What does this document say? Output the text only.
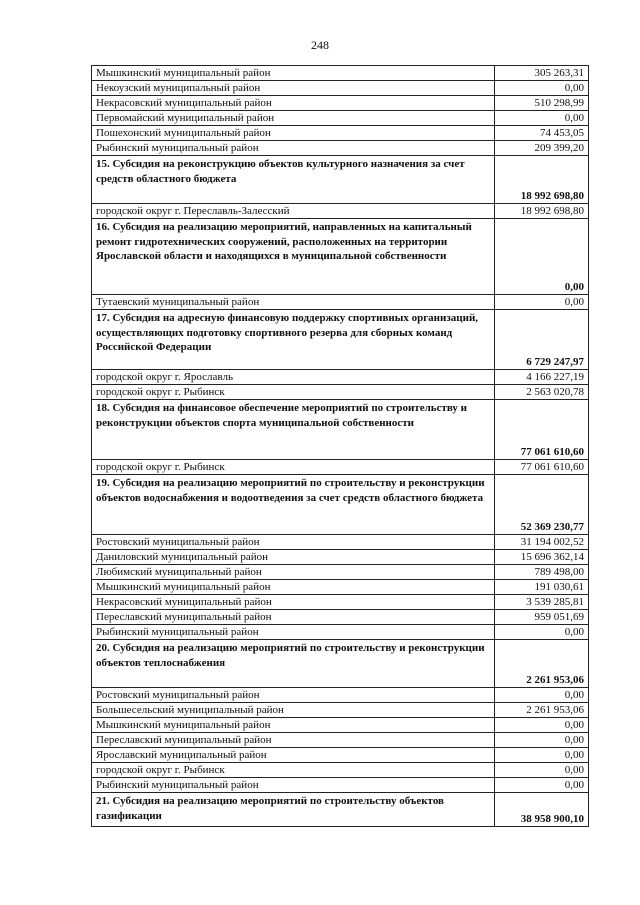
248
Мышкинский муниципальный район	305 263,31
Некоузский муниципальный район	0,00
Некрасовский муниципальный район	510 298,99
Первомайский муниципальный район	0,00
Пошехонский муниципальный район	74 453,05
Рыбинский муниципальный район	209 399,20
15. Субсидия на реконструкцию объектов культурного назначения за счет средств областного бюджета	18 992 698,80
городской округ г. Переславль-Залесский	18 992 698,80
16. Субсидия на реализацию мероприятий, направленных на капитальный ремонт гидротехнических сооружений, расположенных на территории Ярославской области и находящихся в муниципальной собственности	0,00
Тутаевский муниципальный район	0,00
17. Субсидия на адресную финансовую поддержку спортивных организаций, осуществляющих подготовку спортивного резерва для сборных команд Российской Федерации	6 729 247,97
городской округ г. Ярославль	4 166 227,19
городской округ г. Рыбинск	2 563 020,78
18. Субсидия на финансовое обеспечение мероприятий по строительству и реконструкции объектов спорта муниципальной собственности	77 061 610,60
городской округ г. Рыбинск	77 061 610,60
19. Субсидия на реализацию мероприятий по строительству и реконструкции объектов водоснабжения и водоотведения за счет средств областного бюджета	52 369 230,77
Ростовский муниципальный район	31 194 002,52
Даниловский муниципальный район	15 696 362,14
Любимский муниципальный район	789 498,00
Мышкинский муниципальный район	191 030,61
Некрасовский муниципальный район	3 539 285,81
Переславский муниципальный район	959 051,69
Рыбинский муниципальный район	0,00
20. Субсидия на реализацию мероприятий по строительству и реконструкции объектов теплоснабжения	2 261 953,06
Ростовский муниципальный район	0,00
Большесельский муниципальный район	2 261 953,06
Мышкинский муниципальный район	0,00
Переславский муниципальный район	0,00
Ярославский муниципальный район	0,00
городской округ г. Рыбинск	0,00
Рыбинский муниципальный район	0,00
21. Субсидия на реализацию мероприятий по строительству объектов газификации	38 958 900,10
